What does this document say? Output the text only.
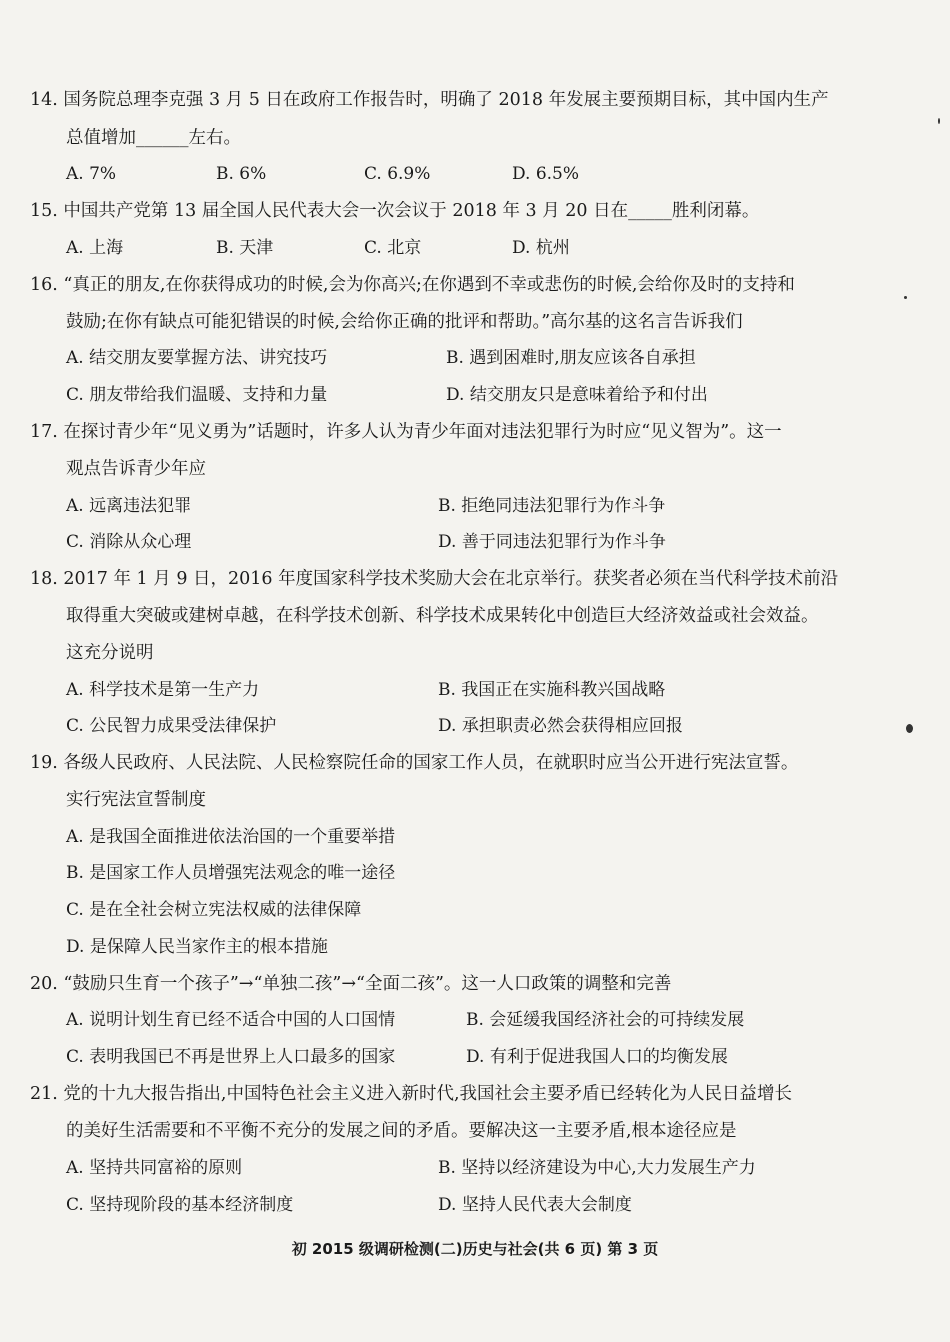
14. 国务院总理李克强 3 月 5 日在政府工作报告时，明确了 2018 年发展主要预期目标，其中国内生产
总值增加______左右。
A. 7%	B. 6%	C. 6.9%	D. 6.5%
15. 中国共产党第 13 届全国人民代表大会一次会议于 2018 年 3 月 20 日在_____胜利闭幕。
A. 上海	B. 天津	C. 北京	D. 杭州
16. “真正的朋友,在你获得成功的时候,会为你高兴;在你遇到不幸或悲伤的时候,会给你及时的支持和
鼓励;在你有缺点可能犯错误的时候,会给你正确的批评和帮助。”高尔基的这名言告诉我们
A. 结交朋友要掌握方法、讲究技巧	B. 遇到困难时,朋友应该各自承担
C. 朋友带给我们温暖、支持和力量	D. 结交朋友只是意味着给予和付出
17. 在探讨青少年“见义勇为”话题时，许多人认为青少年面对违法犯罪行为时应“见义智为”。这一
观点告诉青少年应
A. 远离违法犯罪	B. 拒绝同违法犯罪行为作斗争
C. 消除从众心理	D. 善于同违法犯罪行为作斗争
18. 2017 年 1 月 9 日，2016 年度国家科学技术奖励大会在北京举行。获奖者必须在当代科学技术前沿
取得重大突破或建树卓越，在科学技术创新、科学技术成果转化中创造巨大经济效益或社会效益。
这充分说明
A. 科学技术是第一生产力	B. 我国正在实施科教兴国战略
C. 公民智力成果受法律保护	D. 承担职责必然会获得相应回报
19. 各级人民政府、人民法院、人民检察院任命的国家工作人员，在就职时应当公开进行宪法宣誓。
实行宪法宣誓制度
A. 是我国全面推进依法治国的一个重要举措
B. 是国家工作人员增强宪法观念的唯一途径
C. 是在全社会树立宪法权威的法律保障
D. 是保障人民当家作主的根本措施
20. “鼓励只生育一个孩子”→“单独二孩”→“全面二孩”。这一人口政策的调整和完善
A. 说明计划生育已经不适合中国的人口国情	B. 会延缓我国经济社会的可持续发展
C. 表明我国已不再是世界上人口最多的国家	D. 有利于促进我国人口的均衡发展
21. 党的十九大报告指出,中国特色社会主义进入新时代,我国社会主要矛盾已经转化为人民日益增长
的美好生活需要和不平衡不充分的发展之间的矛盾。要解决这一主要矛盾,根本途径应是
A. 坚持共同富裕的原则	B. 坚持以经济建设为中心,大力发展生产力
C. 坚持现阶段的基本经济制度	D. 坚持人民代表大会制度
初 2015 级调研检测(二)历史与社会(共 6 页) 第 3 页
